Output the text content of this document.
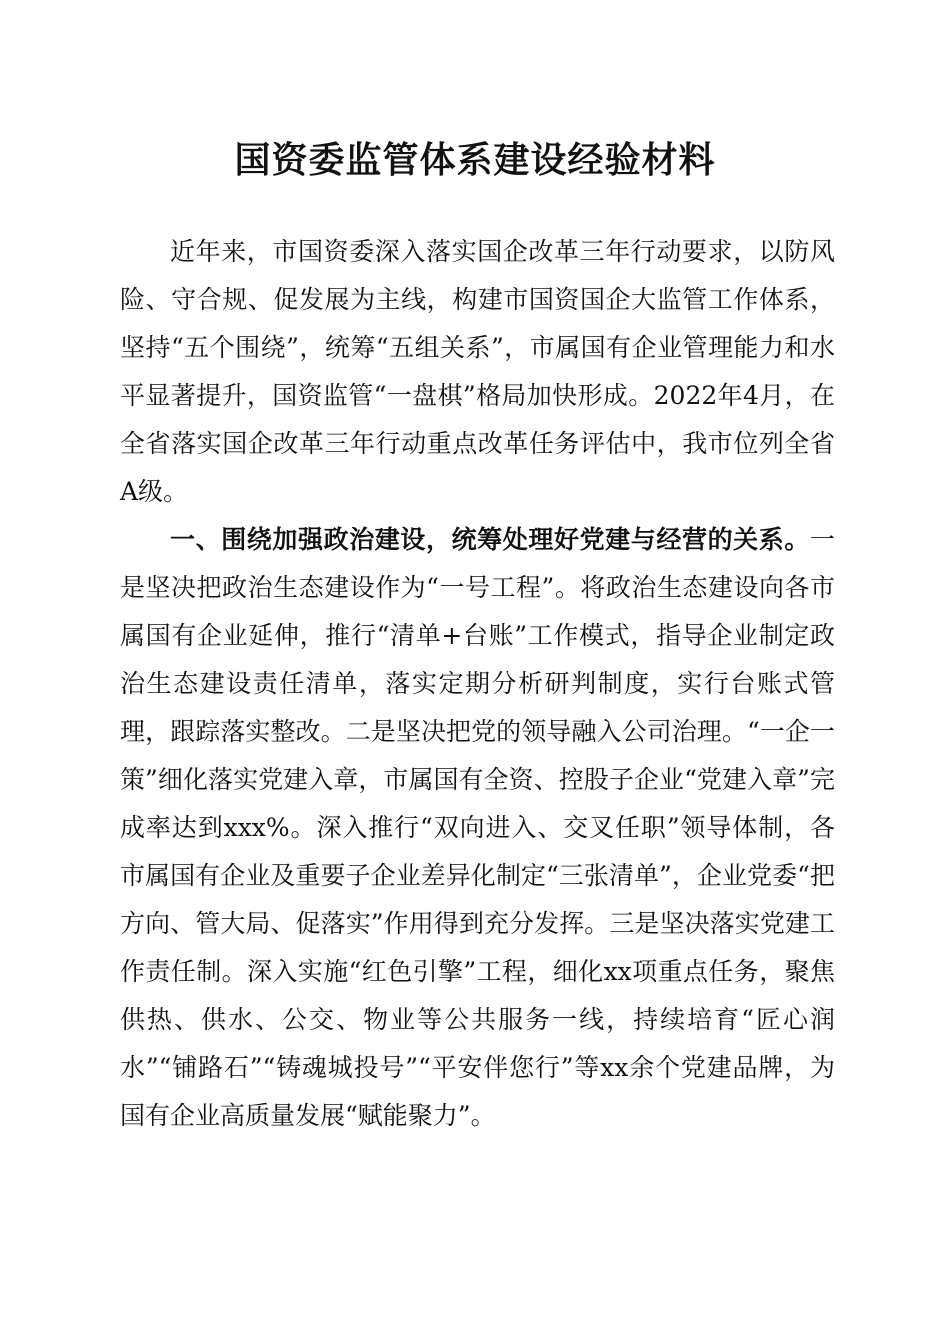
国资委监管体系建设经验材料

近年来，市国资委深入落实国企改革三年行动要求，以防风险、守合规、促发展为主线，构建市国资国企大监管工作体系，坚持“五个围绕”，统筹“五组关系”，市属国有企业管理能力和水平显著提升，国资监管“一盘棋”格局加快形成。2022年4月，在全省落实国企改革三年行动重点改革任务评估中，我市位列全省A级。

一、围绕加强政治建设，统筹处理好党建与经营的关系。一是坚决把政治生态建设作为“一号工程”。将政治生态建设向各市属国有企业延伸，推行“清单+台账”工作模式，指导企业制定政治生态建设责任清单，落实定期分析研判制度，实行台账式管理，跟踪落实整改。二是坚决把党的领导融入公司治理。“一企一策”细化落实党建入章，市属国有全资、控股子企业“党建入章”完成率达到xxx%。深入推行“双向进入、交叉任职”领导体制，各市属国有企业及重要子企业差异化制定“三张清单”，企业党委“把方向、管大局、促落实”作用得到充分发挥。三是坚决落实党建工作责任制。深入实施“红色引擎”工程，细化xx项重点任务，聚焦供热、供水、公交、物业等公共服务一线，持续培育“匠心润水”“铺路石”“铸魂城投号”“平安伴您行”等xx余个党建品牌，为国有企业高质量发展“赋能聚力”。
